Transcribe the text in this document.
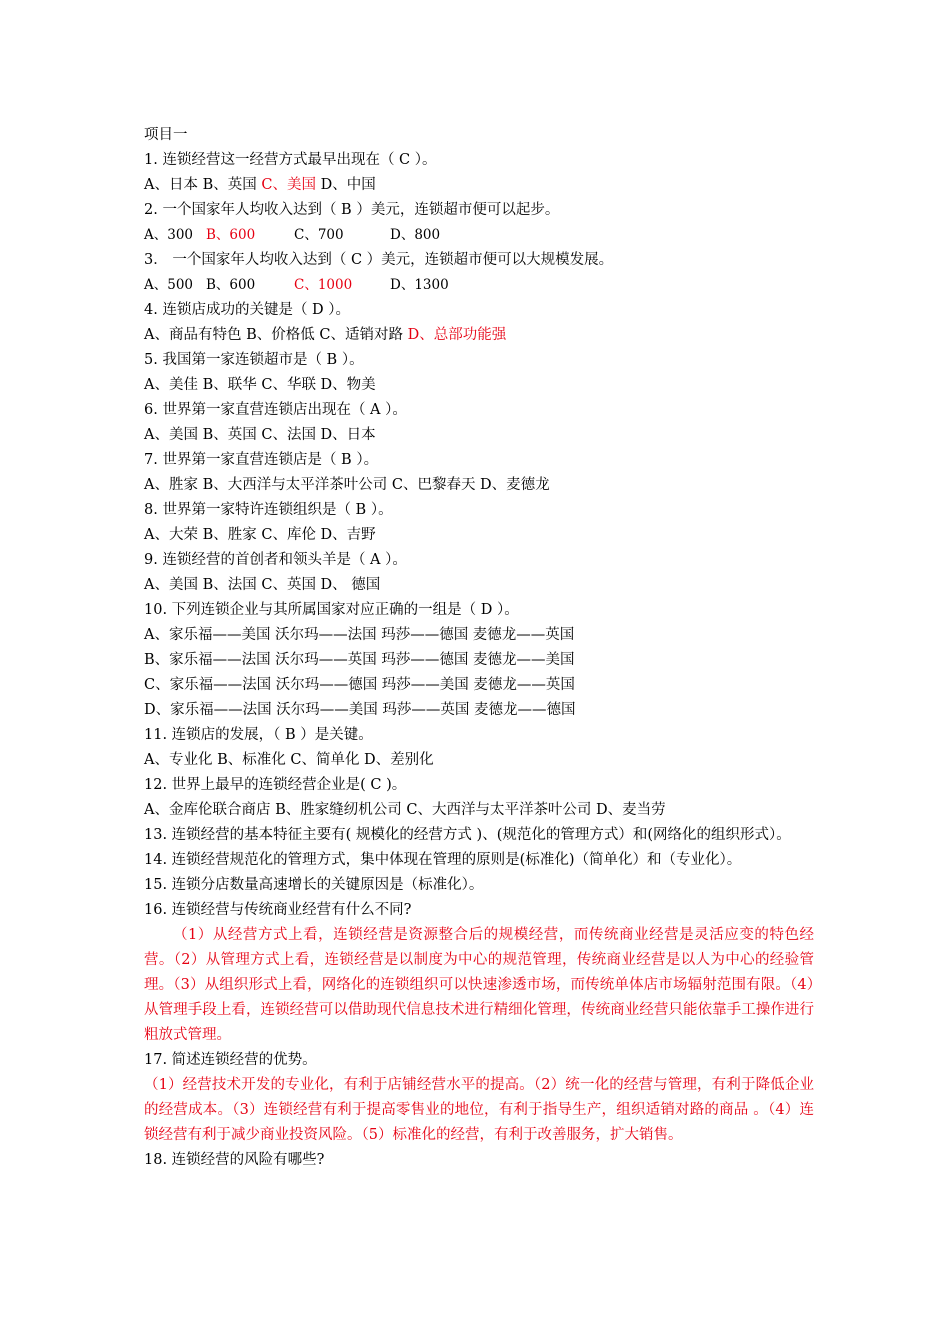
项目一
1. 连锁经营这一经营方式最早出现在（ C ）。
A、日本 B、英国 C、美国 D、中国
2. 一个国家年人均收入达到（ B ）美元，连锁超市便可以起步。
A、300 B、600	C、700	D、800
3． 一个国家年人均收入达到（ C ）美元，连锁超市便可以大规模发展。
A、500 B、600	C、1000	D、1300
4. 连锁店成功的关键是（ D ）。
A、商品有特色 B、价格低 C、适销对路 D、总部功能强
5. 我国第一家连锁超市是（ B ）。
A、美佳 B、联华 C、华联 D、物美
6. 世界第一家直营连锁店出现在（ A ）。
A、美国 B、英国 C、法国 D、日本
7. 世界第一家直营连锁店是（ B ）。
A、胜家 B、大西洋与太平洋茶叶公司 C、巴黎春天 D、麦德龙
8. 世界第一家特许连锁组织是（ B ）。
A、大荣 B、胜家 C、库伦 D、吉野
9. 连锁经营的首创者和领头羊是（ A ）。
A、美国 B、法国 C、英国 D、 德国
10. 下列连锁企业与其所属国家对应正确的一组是（ D ）。
A、家乐福——美国 沃尔玛——法国 玛莎——德国 麦德龙——英国
B、家乐福——法国 沃尔玛——英国 玛莎——德国 麦德龙——美国
C、家乐福——法国 沃尔玛——德国 玛莎——美国 麦德龙——英国
D、家乐福——法国 沃尔玛——美国 玛莎——英国 麦德龙——德国
11. 连锁店的发展，（ B ）是关键。
A、专业化 B、标准化 C、简单化 D、差别化
12. 世界上最早的连锁经营企业是( C )。
A、金库伦联合商店 B、胜家缝纫机公司 C、大西洋与太平洋茶叶公司 D、麦当劳
13. 连锁经营的基本特征主要有( 规模化的经营方式 )、(规范化的管理方式）和(网络化的组织形式）。
14. 连锁经营规范化的管理方式，集中体现在管理的原则是(标准化)（简单化）和（专业化）。
15. 连锁分店数量高速增长的关键原因是（标准化）。
16. 连锁经营与传统商业经营有什么不同?
（1）从经营方式上看，连锁经营是资源整合后的规模经营，而传统商业经营是灵活应变的特色经营。（2）从管理方式上看，连锁经营是以制度为中心的规范管理，传统商业经营是以人为中心的经验管理。（3）从组织形式上看，网络化的连锁组织可以快速渗透市场，而传统单体店市场辐射范围有限。（4）从管理手段上看，连锁经营可以借助现代信息技术进行精细化管理，传统商业经营只能依靠手工操作进行粗放式管理。
17. 简述连锁经营的优势。
（1）经营技术开发的专业化，有利于店铺经营水平的提高。（2）统一化的经营与管理，有利于降低企业的经营成本。（3）连锁经营有利于提高零售业的地位，有利于指导生产，组织适销对路的商品 。（4）连锁经营有利于减少商业投资风险。（5）标准化的经营，有利于改善服务，扩大销售。
18. 连锁经营的风险有哪些?
